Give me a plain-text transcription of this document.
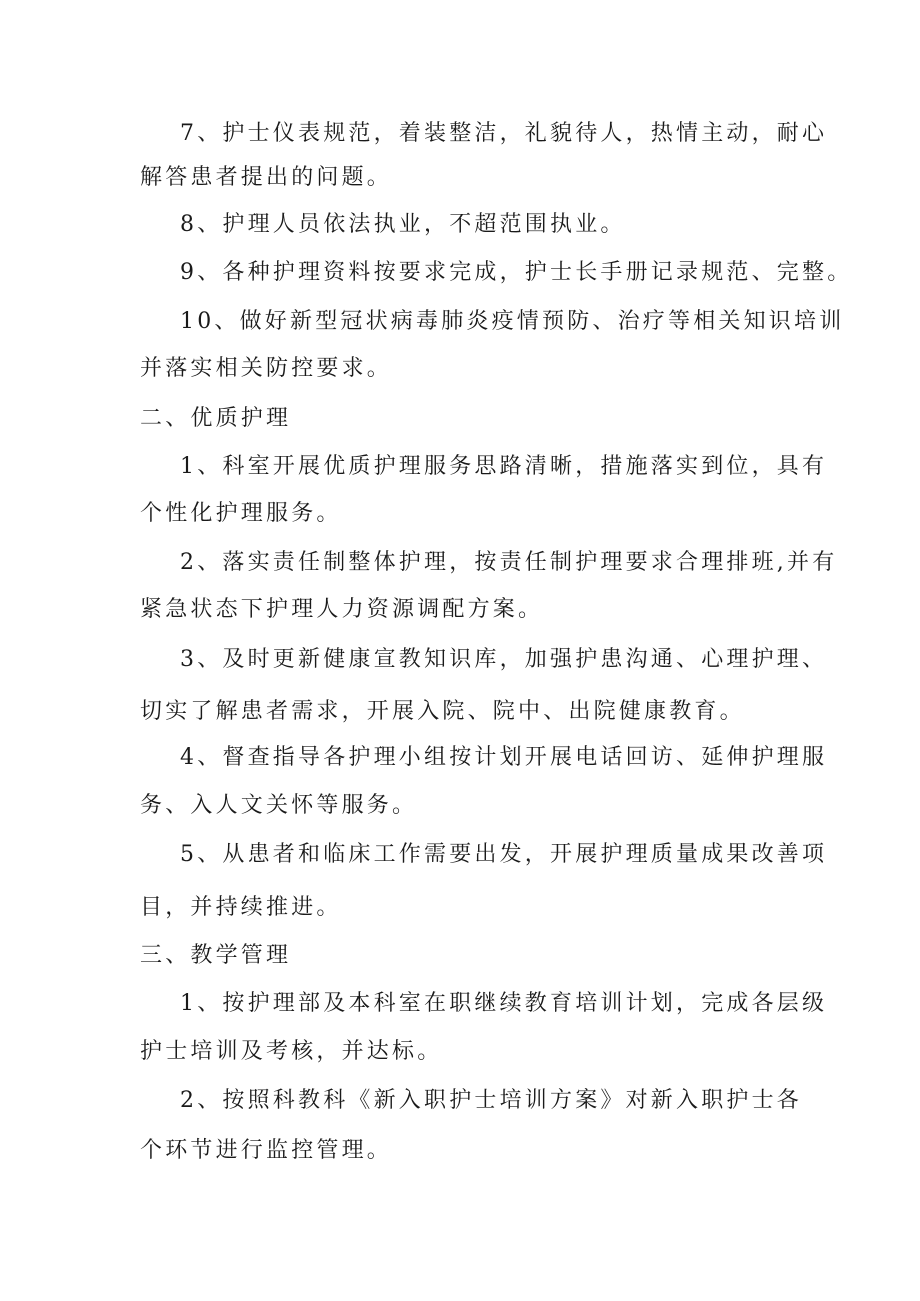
7、护士仪表规范，着装整洁，礼貌待人，热情主动，耐心
解答患者提出的问题。
8、护理人员依法执业，不超范围执业。
9、各种护理资料按要求完成，护士长手册记录规范、完整。
10、做好新型冠状病毒肺炎疫情预防、治疗等相关知识培训
并落实相关防控要求。
二、优质护理
1、科室开展优质护理服务思路清晰，措施落实到位，具有
个性化护理服务。
2、落实责任制整体护理，按责任制护理要求合理排班,并有
紧急状态下护理人力资源调配方案。
3、及时更新健康宣教知识库，加强护患沟通、心理护理、
切实了解患者需求，开展入院、院中、出院健康教育。
4、督查指导各护理小组按计划开展电话回访、延伸护理服
务、入人文关怀等服务。
5、从患者和临床工作需要出发，开展护理质量成果改善项
目，并持续推进。
三、教学管理
1、按护理部及本科室在职继续教育培训计划，完成各层级
护士培训及考核，并达标。
2、按照科教科《新入职护士培训方案》对新入职护士各
个环节进行监控管理。
